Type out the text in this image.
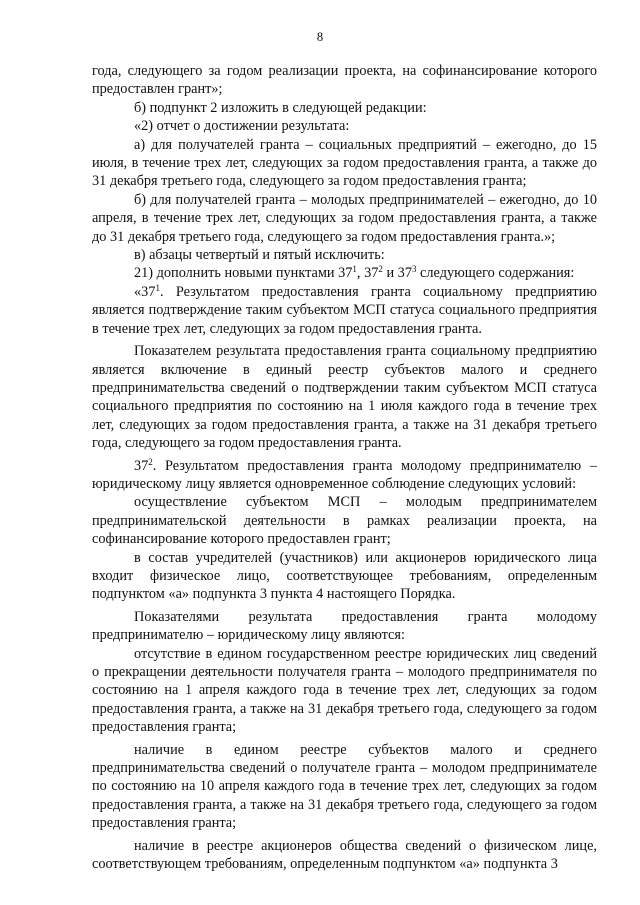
8

года, следующего за годом реализации проекта, на софинансирование которого предоставлен грант»;

б) подпункт 2 изложить в следующей редакции:

«2) отчет о достижении результата:

а) для получателей гранта – социальных предприятий – ежегодно, до 15 июля, в течение трех лет, следующих за годом предоставления гранта, а также до 31 декабря третьего года, следующего за годом предоставления гранта;

б) для получателей гранта – молодых предпринимателей – ежегодно, до 10 апреля, в течение трех лет, следующих за годом предоставления гранта, а также до 31 декабря третьего года, следующего за годом предоставления гранта.»;

в) абзацы четвертый и пятый исключить:

21) дополнить новыми пунктами $37^1$, $37^2$ и $37^3$ следующего содержания:

«$37^1$. Результатом предоставления гранта социальному предприятию является подтверждение таким субъектом МСП статуса социального предприятия в течение трех лет, следующих за годом предоставления гранта.

Показателем результата предоставления гранта социальному предприятию является включение в единый реестр субъектов малого и среднего предпринимательства сведений о подтверждении таким субъектом МСП статуса социального предприятия по состоянию на 1 июля каждого года в течение трех лет, следующих за годом предоставления гранта, а также на 31 декабря третьего года, следующего за годом предоставления гранта.

$37^2$. Результатом предоставления гранта молодому предпринимателю – юридическому лицу является одновременное соблюдение следующих условий:

осуществление субъектом МСП – молодым предпринимателем предпринимательской деятельности в рамках реализации проекта, на софинансирование которого предоставлен грант;

в состав учредителей (участников) или акционеров юридического лица входит физическое лицо, соответствующее требованиям, определенным подпунктом «а» подпункта 3 пункта 4 настоящего Порядка.

Показателями результата предоставления гранта молодому предпринимателю – юридическому лицу являются:

отсутствие в едином государственном реестре юридических лиц сведений о прекращении деятельности получателя гранта – молодого предпринимателя по состоянию на 1 апреля каждого года в течение трех лет, следующих за годом предоставления гранта, а также на 31 декабря третьего года, следующего за годом предоставления гранта;

наличие в едином реестре субъектов малого и среднего предпринимательства сведений о получателе гранта – молодом предпринимателе по состоянию на 10 апреля каждого года в течение трех лет, следующих за годом предоставления гранта, а также на 31 декабря третьего года, следующего за годом предоставления гранта;

наличие в реестре акционеров общества сведений о физическом лице, соответствующем требованиям, определенным подпунктом «а» подпункта 3
